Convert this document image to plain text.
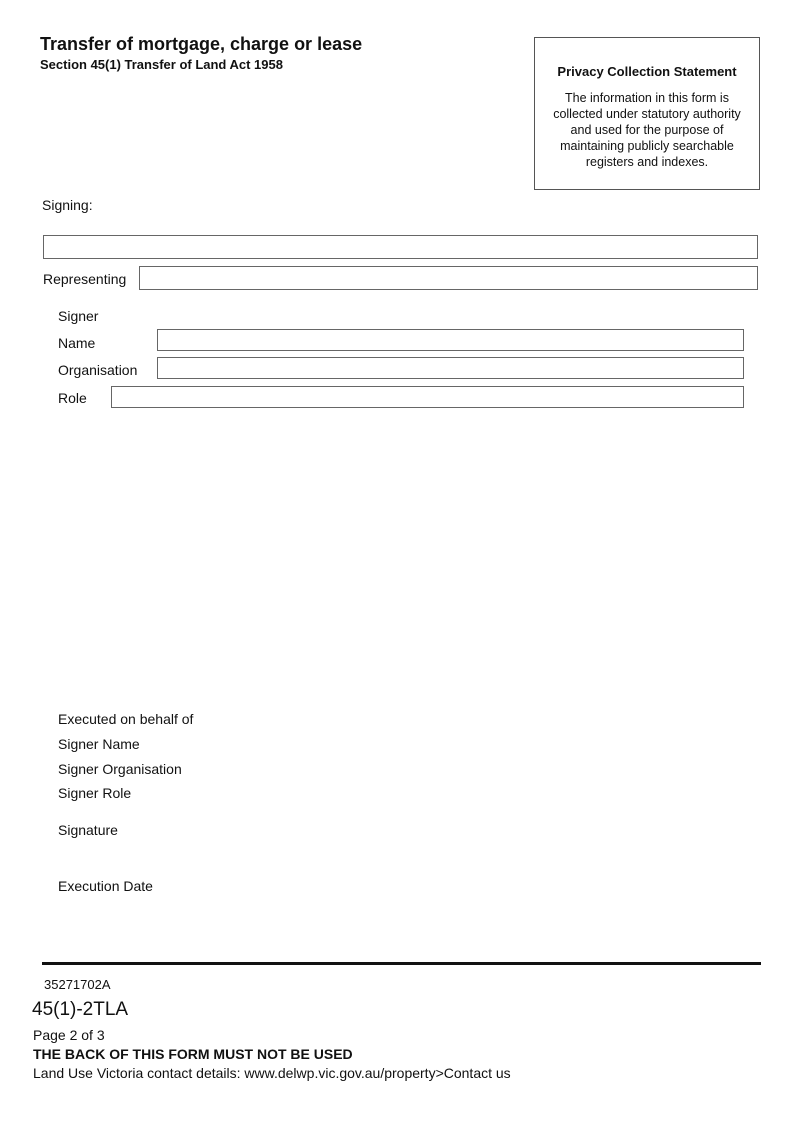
Transfer of mortgage, charge or lease
Section 45(1) Transfer of Land Act 1958	Privacy Collection Statement
The information in this form is collected under statutory authority and used for the purpose of maintaining publicly searchable registers and indexes.
Signing:
Representing
Signer
Name
Organisation
Role
Executed on behalf of
Signer Name
Signer Organisation
Signer Role
Signature
Execution Date
35271702A
45(1)-2TLA
Page 2 of 3
THE BACK OF THIS FORM MUST NOT BE USED
Land Use Victoria contact details: www.delwp.vic.gov.au/property>Contact us
